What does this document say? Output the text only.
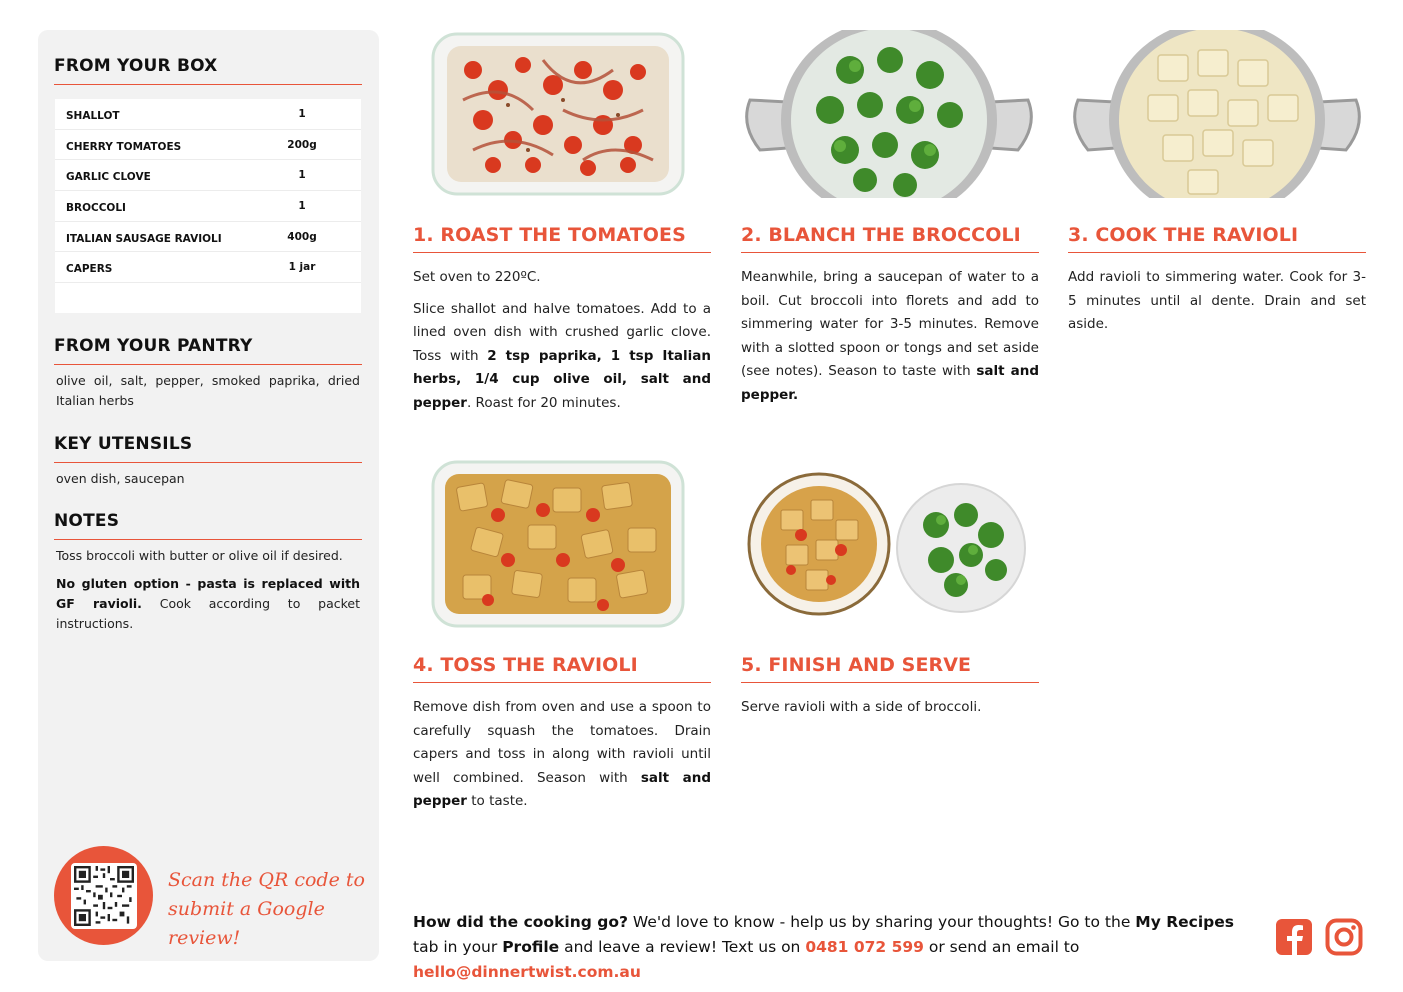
FROM YOUR BOX
SHALLOT	1
CHERRY TOMATOES	200g
GARLIC CLOVE	1
BROCCOLI	1
ITALIAN SAUSAGE RAVIOLI	400g
CAPERS	1 jar
FROM YOUR PANTRY
olive oil, salt, pepper, smoked paprika, dried Italian herbs
KEY UTENSILS
oven dish, saucepan
NOTES
Toss broccoli with butter or olive oil if desired.
No gluten option - pasta is replaced with GF ravioli. Cook according to packet instructions.
Scan the QR code to
submit a Google review!
1. ROAST THE TOMATOES

Set oven to 220ºC.

Slice shallot and halve tomatoes. Add to a lined oven dish with crushed garlic clove. Toss with 2 tsp paprika, 1 tsp Italian herbs, 1/4 cup olive oil, salt and pepper. Roast for 20 minutes.

2. BLANCH THE BROCCOLI

Meanwhile, bring a saucepan of water to a boil. Cut broccoli into florets and add to simmering water for 3-5 minutes. Remove with a slotted spoon or tongs and set aside (see notes). Season to taste with salt and pepper.

3. COOK THE RAVIOLI

Add ravioli to simmering water. Cook for 3-5 minutes until al dente. Drain and set aside.

4. TOSS THE RAVIOLI

Remove dish from oven and use a spoon to carefully squash the tomatoes. Drain capers and toss in along with ravioli until well combined. Season with salt and pepper to taste.

5. FINISH AND SERVE

Serve ravioli with a side of broccoli.

How did the cooking go? We'd love to know - help us by sharing your thoughts! Go to the My Recipes tab in your Profile and leave a review! Text us on 0481 072 599 or send an email to hello@dinnertwist.com.au
